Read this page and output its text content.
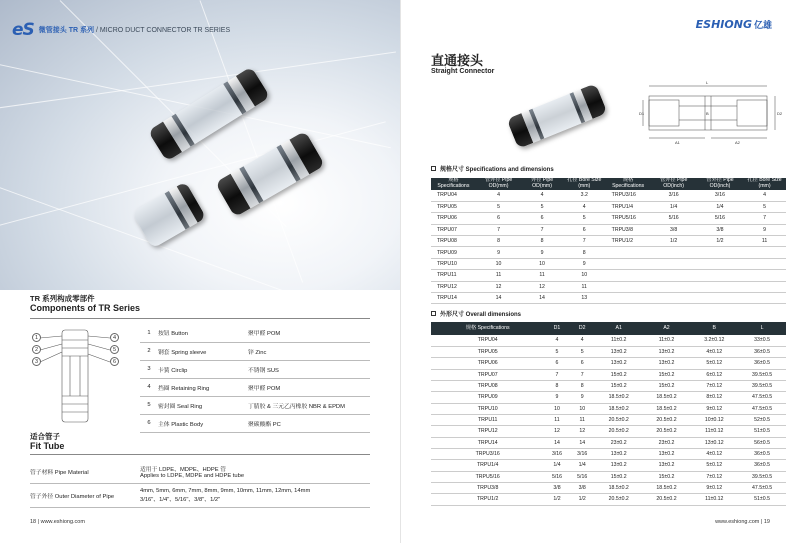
eS 微管接头 TR 系列 / MICRO DUCT CONNECTOR TR SERIES
TR 系列构成零部件
Components of TR Series
1
2
3
4
5
6
1	按钮 Button	聚甲醛 POM
2	钢套 Spring sleeve	锌 Zinc
3	卡簧 Circlip	不锈钢 SUS
4	挡圈 Retaining Ring	聚甲醛 POM
5	密封圈 Seal Ring	丁腈胶 & 三元乙丙橡胶 NBR & EPDM
6	主体 Plastic Body	聚碳酸酯 PC
适合管子
Fit Tube
管子材料 Pipe Material	适用于 LDPE、MDPE、HDPE 管
Applies to LDPE, MDPE and HDPE tube

管子外径 Outer Diameter of Pipe	4mm, 5mm, 6mm, 7mm, 8mm, 9mm, 10mm, 11mm, 12mm, 14mm
3/16"、1/4"、5/16"、3/8"、1/2"
18 | www.eshiong.com
ESHIONG 亿雄
直通接头
Straight Connector
L
A1	A2
D2
D1	B
规格尺寸 Specifications and dimensions
规格 Specifications	管外径 Pipe OD(mm)	外径 Pipe OD(mm)	孔径 Bore Size (mm)	规格 Specifications	管外径 Pipe OD(inch)	管外径 Pipe OD(inch)	孔径 Bore Size (mm)
TRPU04	4	4	3.2	TRPU3/16	3/16	3/16	4
TRPU05	5	5	4	TRPU1/4	1/4	1/4	5
TRPU06	6	6	5	TRPU5/16	5/16	5/16	7
TRPU07	7	7	6	TRPU3/8	3/8	3/8	9
TRPU08	8	8	7	TRPU1/2	1/2	1/2	11
TRPU09	9	9	8				
TRPU10	10	10	9				
TRPU11	11	11	10				
TRPU12	12	12	11				
TRPU14	14	14	13				
外形尺寸 Overall dimensions
规格 Specifications	D1	D2	A1	A2	B	L
TRPU04	4	4	11±0.2	11±0.2	3.2±0.12	33±0.5
TRPU05	5	5	13±0.2	13±0.2	4±0.12	36±0.5
TRPU06	6	6	13±0.2	13±0.2	5±0.12	36±0.5
TRPU07	7	7	15±0.2	15±0.2	6±0.12	39.5±0.5
TRPU08	8	8	15±0.2	15±0.2	7±0.12	39.5±0.5
TRPU09	9	9	18.5±0.2	18.5±0.2	8±0.12	47.5±0.5
TRPU10	10	10	18.5±0.2	18.5±0.2	9±0.12	47.5±0.5
TRPU11	11	11	20.5±0.2	20.5±0.2	10±0.12	52±0.5
TRPU12	12	12	20.5±0.2	20.5±0.2	11±0.12	51±0.5
TRPU14	14	14	23±0.2	23±0.2	13±0.12	56±0.5
TRPU3/16	3/16	3/16	13±0.2	13±0.2	4±0.12	36±0.5
TRPU1/4	1/4	1/4	13±0.2	13±0.2	5±0.12	36±0.5
TRPU5/16	5/16	5/16	15±0.2	15±0.2	7±0.12	39.5±0.5
TRPU3/8	3/8	3/8	18.5±0.2	18.5±0.2	9±0.12	47.5±0.5
TRPU1/2	1/2	1/2	20.5±0.2	20.5±0.2	11±0.12	51±0.5
www.eshiong.com | 19
